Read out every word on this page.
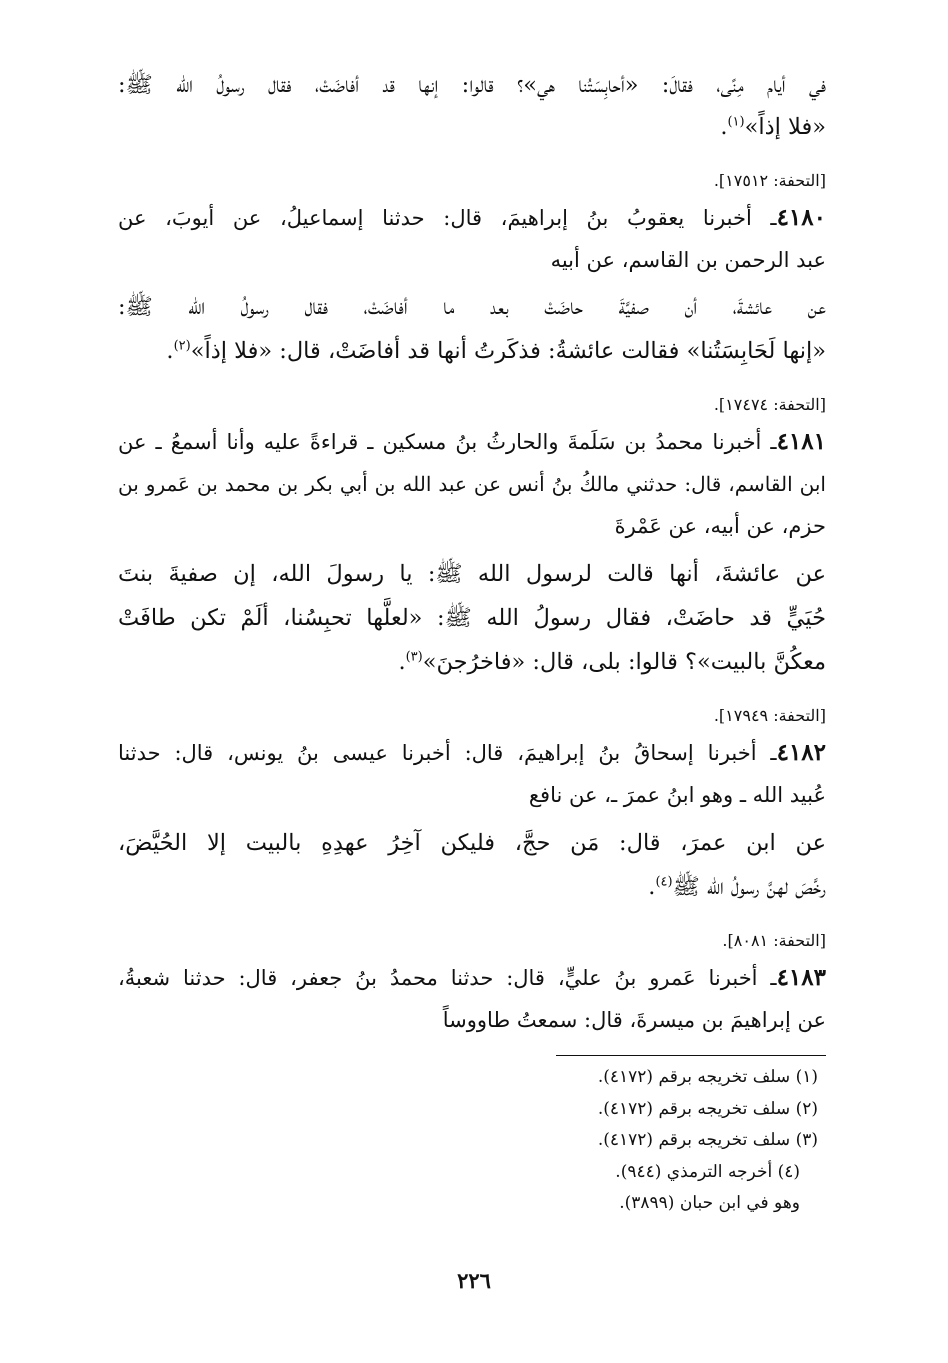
في أيام مِنًى، فقالَ: «أحابِسَتُنا هي»؟ قالوا: إنها قد أفاضَتْ، فقال رسولُ الله ﷺ:
«فلا إذاً»$^{(١)}$.
[التحفة: ١٧٥١٢].
٤١٨٠ـ أخبرنا يعقوبُ بنُ إبراهيمَ، قال: حدثنا إسماعيلُ، عن أيوبَ، عن
عبد الرحمن بن القاسم، عن أبيه
عن عائشةَ، أن صفيَّةَ حاضَتْ بعد ما أفاضَتْ، فقال رسولُ الله ﷺ:
«إنها لَحَابِسَتُنا» فقالت عائشةُ: فذكَرتُ أنها قد أفاضَتْ، قال: «فلا إذاً»$^{(٢)}$.
[التحفة: ١٧٤٧٤].
٤١٨١ـ أخبرنا محمدُ بن سَلَمةَ والحارثُ بنُ مسكين ـ قراءةً عليه وأنا أسمعُ ـ عن
ابن القاسم، قال: حدثني مالكُ بنُ أنس عن عبد الله بن أبي بكر بن محمد بن عَمرو بن
حزم، عن أبيه، عن عَمْرةَ
عن عائشةَ، أنها قالت لرسول الله ﷺ: يا رسولَ الله، إن صفيةَ بنتَ
حُيَيٍّ قد حاضَتْ، فقال رسولُ الله ﷺ: «لعلَّها تحبِسُنا، ألَمْ تكن طافَتْ
معكُنَّ بالبيت»؟ قالوا: بلى، قال: «فاخرُجنَ»$^{(٣)}$.
[التحفة: ١٧٩٤٩].
٤١٨٢ـ أخبرنا إسحاقُ بنُ إبراهيمَ، قال: أخبرنا عيسى بنُ يونس، قال: حدثنا
عُبيد الله ـ وهو ابنُ عمرَ ـ، عن نافع
عن ابن عمرَ، قال: مَن حجَّ، فليكن آخِرُ عهدِهِ بالبيت إلا الحُيَّضَ،
رخَّصَ لهنَّ رسولُ الله ﷺ$^{(٤)}$.
[التحفة: ٨٠٨١].
٤١٨٣ـ أخبرنا عَمرو بنُ عليٍّ، قال: حدثنا محمدُ بنُ جعفر، قال: حدثنا شعبةُ،
عن إبراهيمَ بن ميسرةَ، قال: سمعتُ طاووساً
(١) سلف تخريجه برقم (٤١٧٢).
(٢) سلف تخريجه برقم (٤١٧٢).
(٣) سلف تخريجه برقم (٤١٧٢).
(٤) أخرجه الترمذي (٩٤٤).
وهو في ابن حبان (٣٨٩٩).
٢٢٦
